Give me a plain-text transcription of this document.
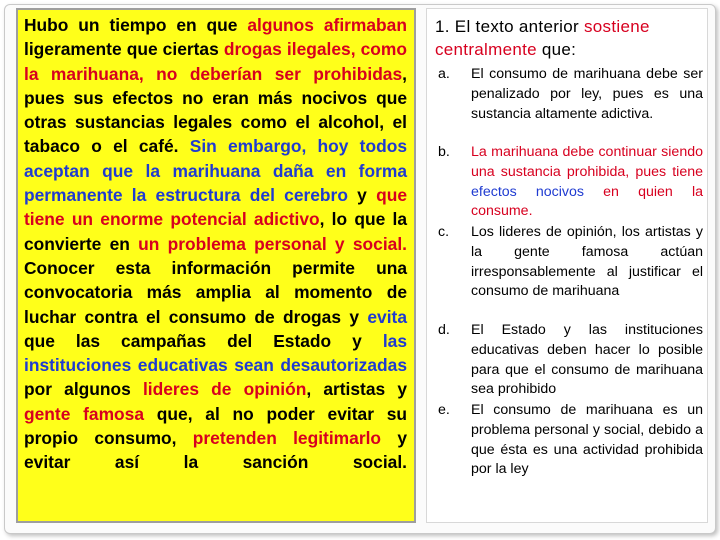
Hubo un tiempo en que algunos afirmaban ligeramente que ciertas drogas ilegales, como la marihuana, no deberían ser prohibidas, pues sus efectos no eran más nocivos que otras sustancias legales como el alcohol, el tabaco o el café. Sin embargo, hoy todos aceptan que la marihuana daña en forma permanente la estructura del cerebro y que tiene un enorme potencial adictivo, lo que la convierte en un problema personal y social. Conocer esta información permite una convocatoria más amplia al momento de luchar contra el consumo de drogas y evita que las campañas del Estado y las instituciones educativas sean desautorizadas por algunos lideres de opinión, artistas y gente famosa que, al no poder evitar su propio consumo, pretenden legitimarlo y evitar así la sanción social.

1. El texto anterior sostiene centralmente que:
a.	El consumo de marihuana debe ser penalizado por ley, pues es una sustancia altamente adictiva.
b.	La marihuana debe continuar siendo una sustancia prohibida, pues tiene efectos nocivos en quien la consume.
c.	Los lideres de opinión, los artistas y la gente famosa actúan irresponsablemente al justificar el consumo de marihuana
d.	El Estado y las instituciones educativas deben hacer lo posible para que el consumo de marihuana sea prohibido
e.	El consumo de marihuana es un problema personal y social, debido a que ésta es una actividad prohibida por la ley
